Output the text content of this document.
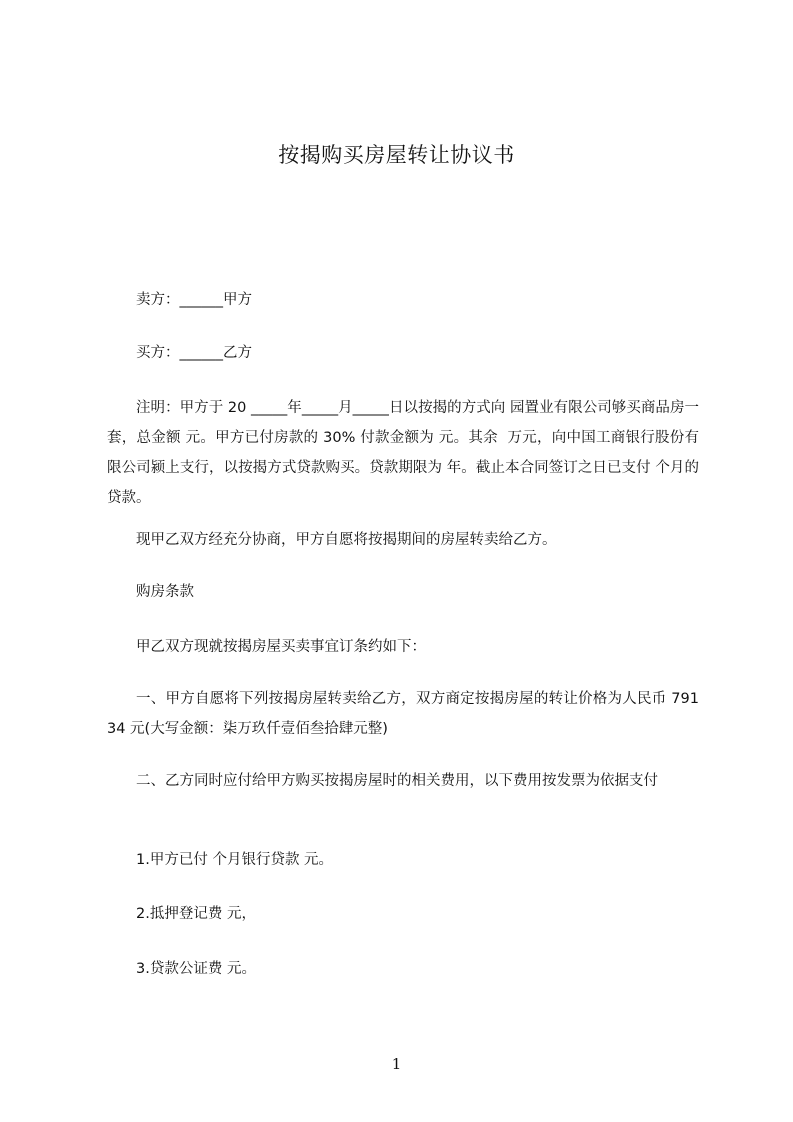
按揭购买房屋转让协议书
卖方：______甲方
买方：______乙方
注明：甲方于 20 _____年_____月_____日以按揭的方式向 园置业有限公司够买商品房一套，总金额 元。甲方已付房款的 30% 付款金额为 元。其余  万元，向中国工商银行股份有限公司颍上支行，以按揭方式贷款购买。贷款期限为 年。截止本合同签订之日已支付 个月的贷款。
现甲乙双方经充分协商，甲方自愿将按揭期间的房屋转卖给乙方。
购房条款
甲乙双方现就按揭房屋买卖事宜订条约如下：
一、甲方自愿将下列按揭房屋转卖给乙方，双方商定按揭房屋的转让价格为人民币 79134 元(大写金额：柒万玖仟壹佰叁拾肆元整)
二、乙方同时应付给甲方购买按揭房屋时的相关费用，以下费用按发票为依据支付
1.甲方已付 个月银行贷款 元。
2.抵押登记费 元，
3.贷款公证费 元。
1
